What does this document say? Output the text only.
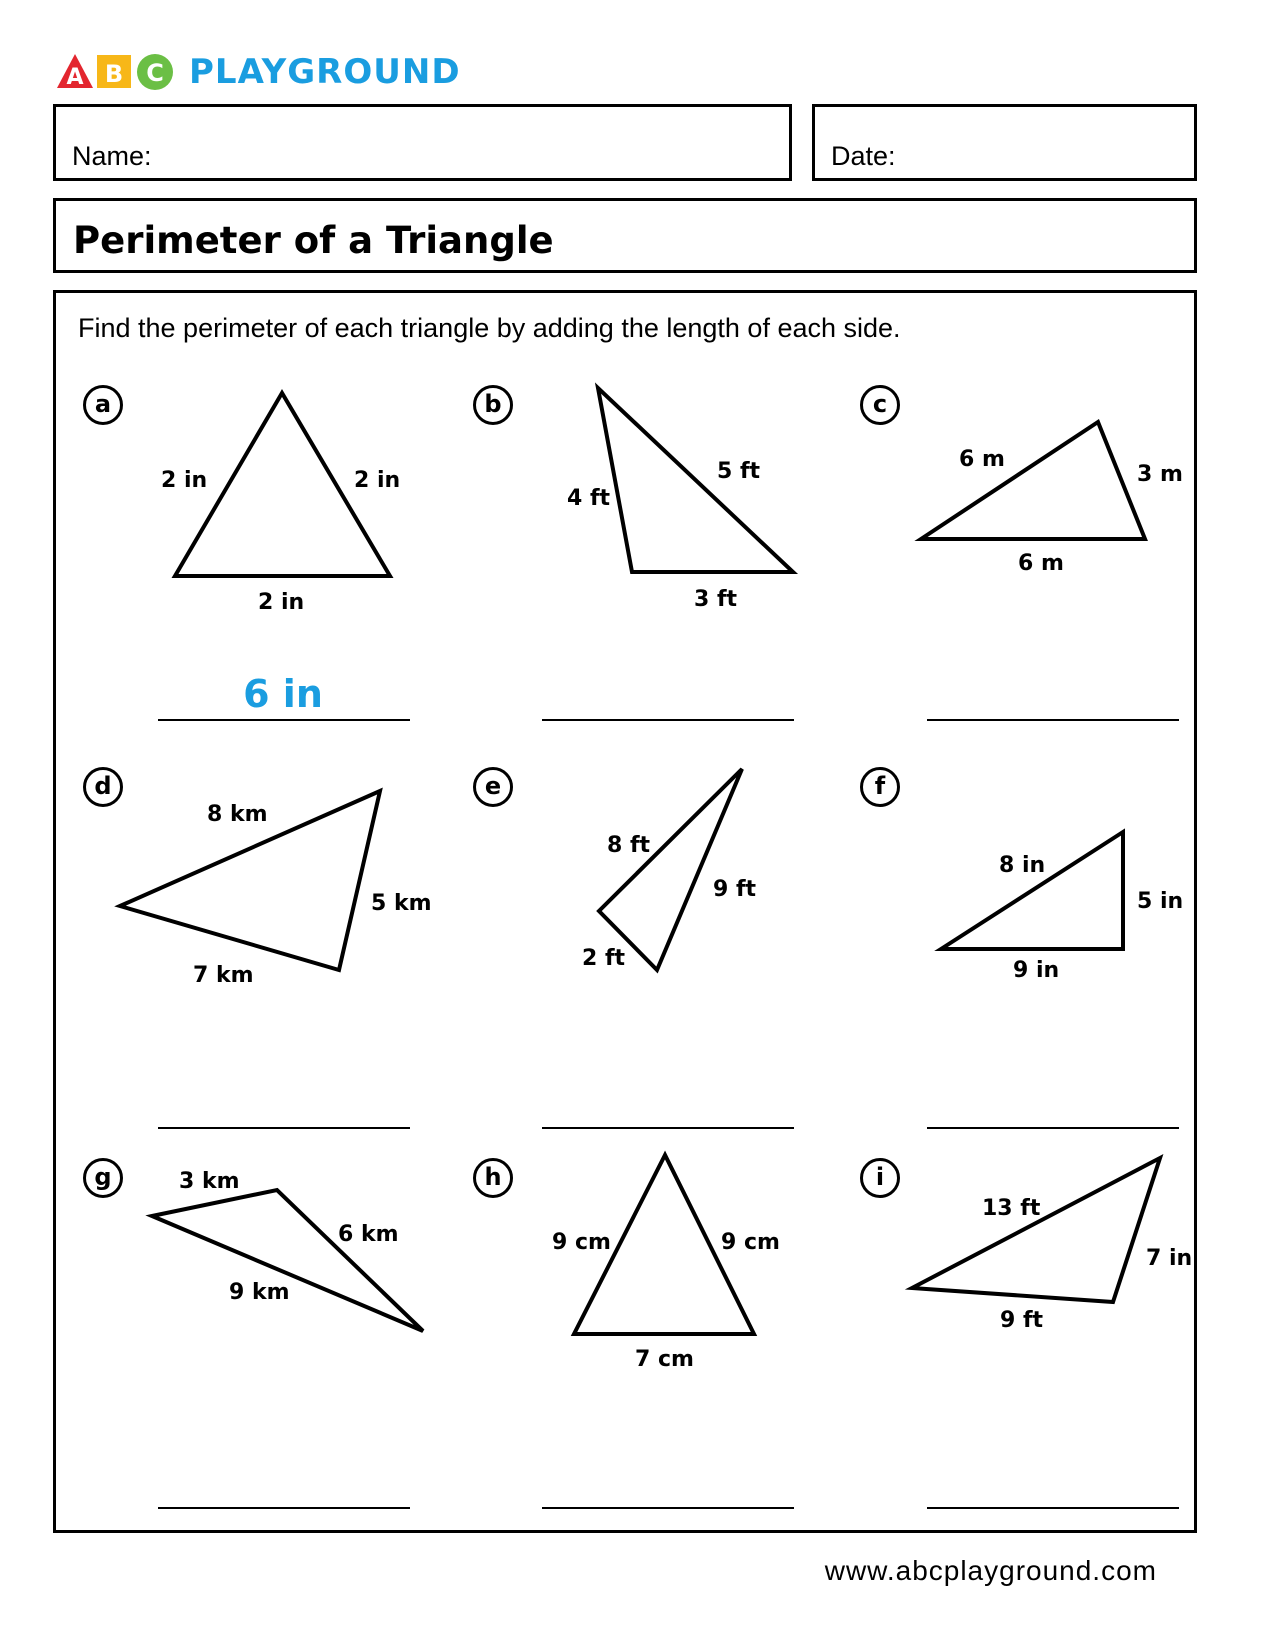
A B C PLAYGROUND
Name:	Date:
Perimeter of a Triangle
Find the perimeter of each triangle by adding the length of each side.
a	b	c
d	e	f
g	h	i
2 in	2 in
2 in
4 ft
5 ft
3 ft
6 m
3 m
6 m
8 km
5 km
7 km
8 ft
9 ft
2 ft
8 in
5 in
9 in
3 km
6 km
9 km
9 cm	9 cm
7 cm
13 ft
7 in
9 ft
6 in
www.abcplayground.com
